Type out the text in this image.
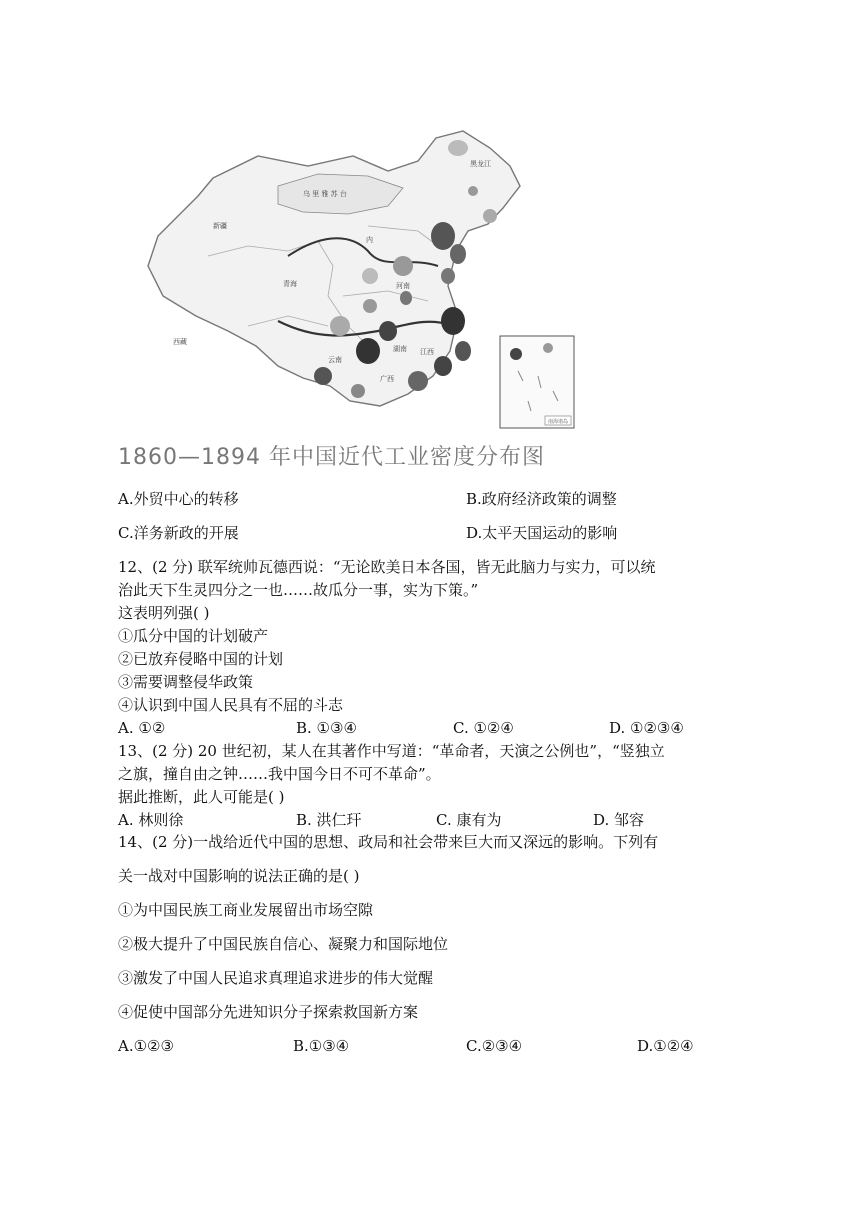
黑龙江
新疆
西藏
乌 里 雅 苏 台
内
青海	河南
湖南 江西
广西
云南
南海诸岛
1860—1894 年中国近代工业密度分布图
A.外贸中心的转移	B.政府经济政策的调整
C.洋务新政的开展	D.太平天国运动的影响
12、(2 分) 联军统帅瓦德西说：“无论欧美日本各国，皆无此脑力与实力，可以统
治此天下生灵四分之一也……故瓜分一事，实为下策。”
这表明列强( )
①瓜分中国的计划破产
②已放弃侵略中国的计划
③需要调整侵华政策
④认识到中国人民具有不屈的斗志
A. ①②	B. ①③④	C. ①②④	D. ①②③④
13、(2 分) 20 世纪初，某人在其著作中写道：“革命者，天演之公例也”，“竖独立
之旗，撞自由之钟……我中国今日不可不革命”。
据此推断，此人可能是( )
A. 林则徐	B. 洪仁玕	C. 康有为	D. 邹容
14、(2 分)一战给近代中国的思想、政局和社会带来巨大而又深远的影响。下列有
关一战对中国影响的说法正确的是( )
①为中国民族工商业发展留出市场空隙
②极大提升了中国民族自信心、凝聚力和国际地位
③激发了中国人民追求真理追求进步的伟大觉醒
④促使中国部分先进知识分子探索救国新方案
A.①②③	B.①③④	C.②③④	D.①②④
